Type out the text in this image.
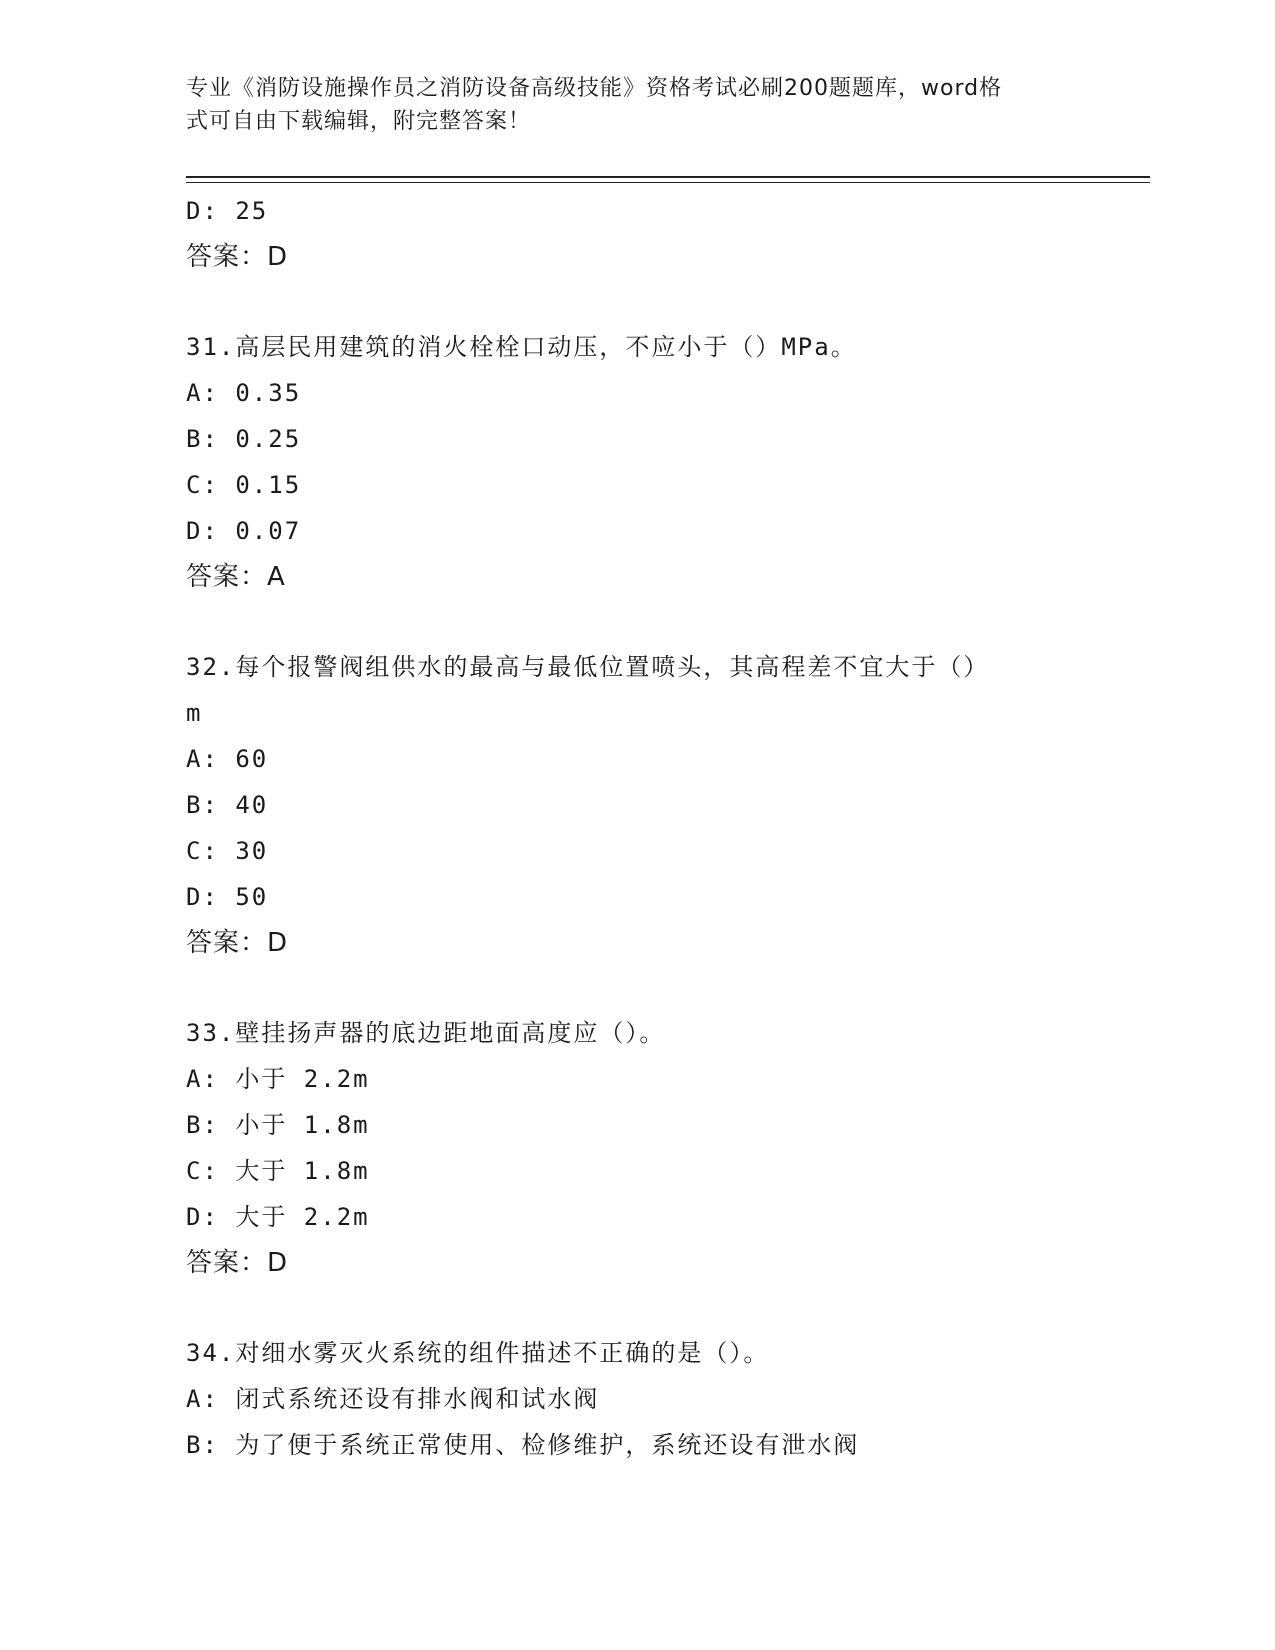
专业《消防设施操作员之消防设备高级技能》资格考试必刷200题题库，word格
式可自由下载编辑，附完整答案！
D: 25
答案：D
31.高层民用建筑的消火栓栓口动压，不应小于（）MPa。
A: 0.35
B: 0.25
C: 0.15
D: 0.07
答案：A
32.每个报警阀组供水的最高与最低位置喷头，其高程差不宜大于（）
m
A: 60
B: 40
C: 30
D: 50
答案：D
33.壁挂扬声器的底边距地面高度应（）。
A: 小于 2.2m
B: 小于 1.8m
C: 大于 1.8m
D: 大于 2.2m
答案：D
34.对细水雾灭火系统的组件描述不正确的是（）。
A: 闭式系统还设有排水阀和试水阀
B: 为了便于系统正常使用、检修维护，系统还设有泄水阀
